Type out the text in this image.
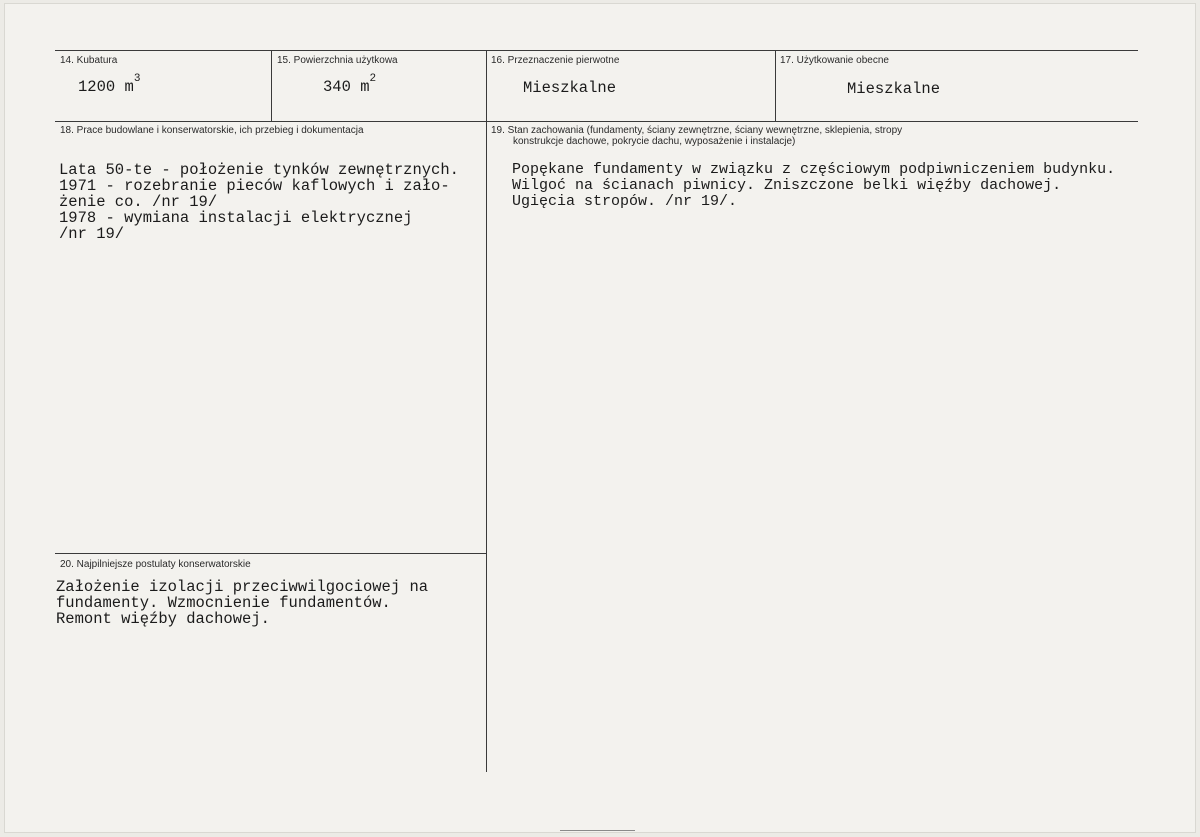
14. Kubatura
1200 $m^3$
15. Powierzchnia użytkowa
340 $m^2$
16. Przeznaczenie pierwotne
Mieszkalne
17. Użytkowanie obecne
Mieszkalne
18. Prace budowlane i konserwatorskie, ich przebieg i dokumentacja
Lata 50-te - położenie tynków zewnętrznych.
1971 - rozebranie pieców kaflowych i zało-
żenie co. /nr 19/
1978 - wymiana instalacji elektrycznej
/nr 19/
19. Stan zachowania (fundamenty, ściany zewnętrzne, ściany wewnętrzne, sklepienia, stropy
konstrukcje dachowe, pokrycie dachu, wyposażenie i instalacje)
Popękane fundamenty w związku z częściowym podpiwniczeniem budynku.
Wilgoć na ścianach piwnicy. Zniszczone belki więźby dachowej.
Ugięcia stropów. /nr 19/.
20. Najpilniejsze postulaty konserwatorskie
Założenie izolacji przeciwwilgociowej na
fundamenty. Wzmocnienie fundamentów.
Remont więźby dachowej.
